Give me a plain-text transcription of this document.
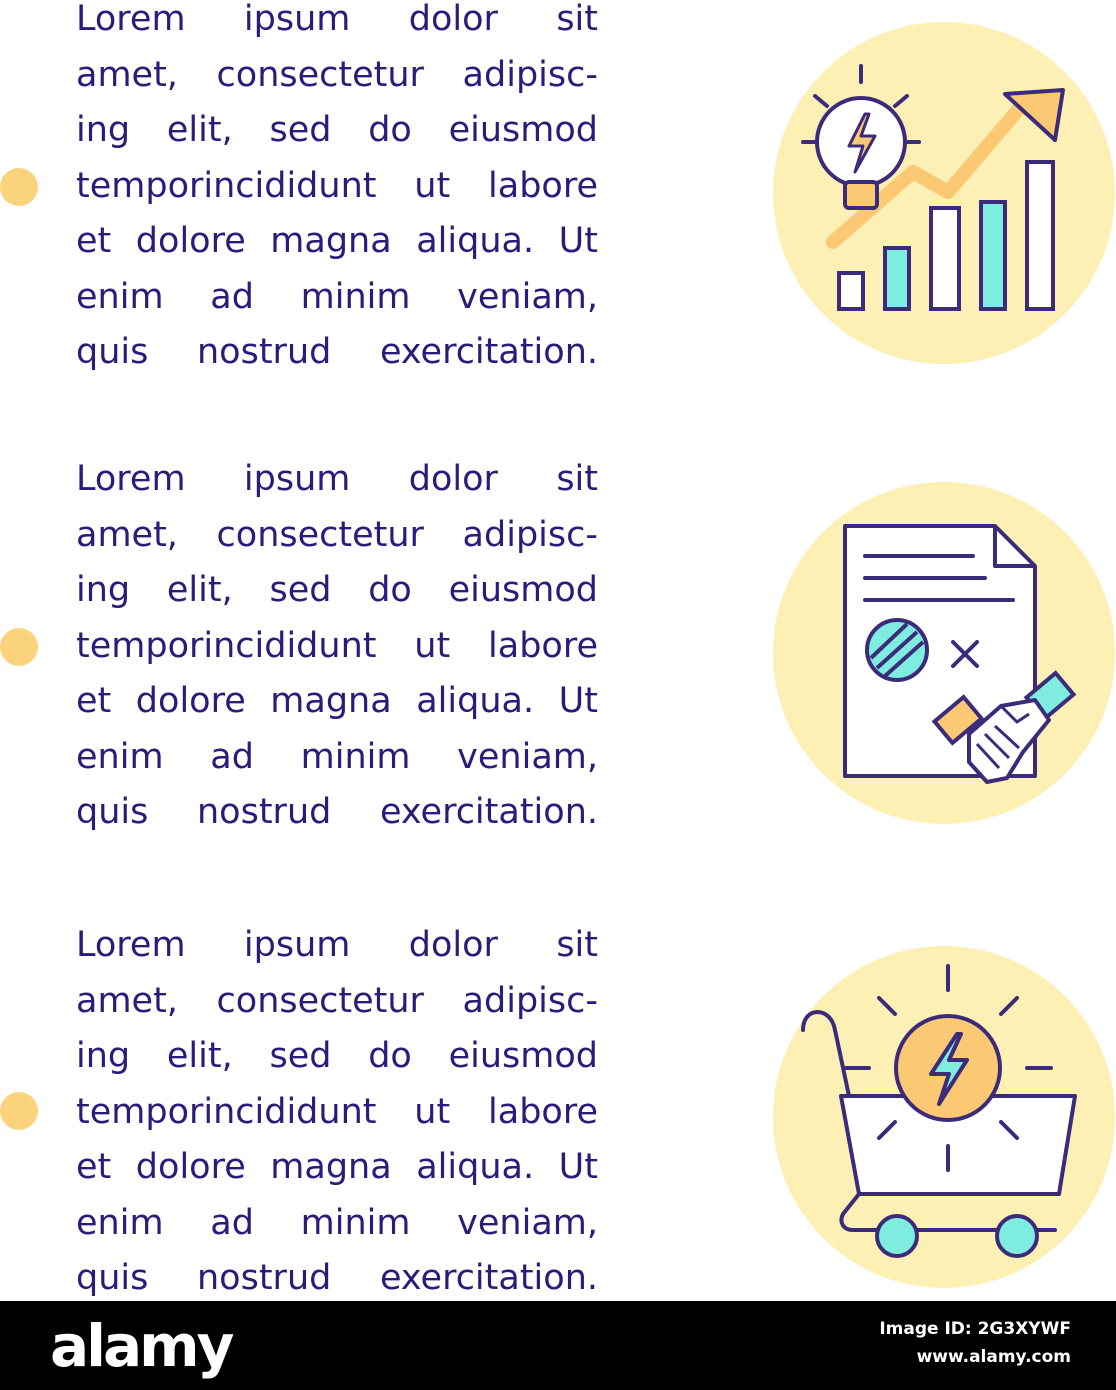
Lorem ipsum dolor sit
amet, consectetur adipisc-
ing elit, sed do eiusmod
temporincididunt ut labore
et dolore magna aliqua. Ut
enim ad minim veniam,
quis nostrud exercitation.

Lorem ipsum dolor sit
amet, consectetur adipisc-
ing elit, sed do eiusmod
temporincididunt ut labore
et dolore magna aliqua. Ut
enim ad minim veniam,
quis nostrud exercitation.

Lorem ipsum dolor sit
amet, consectetur adipisc-
ing elit, sed do eiusmod
temporincididunt ut labore
et dolore magna aliqua. Ut
enim ad minim veniam,
quis nostrud exercitation.

alamy	Image ID: 2G3XYWF
www.alamy.com
